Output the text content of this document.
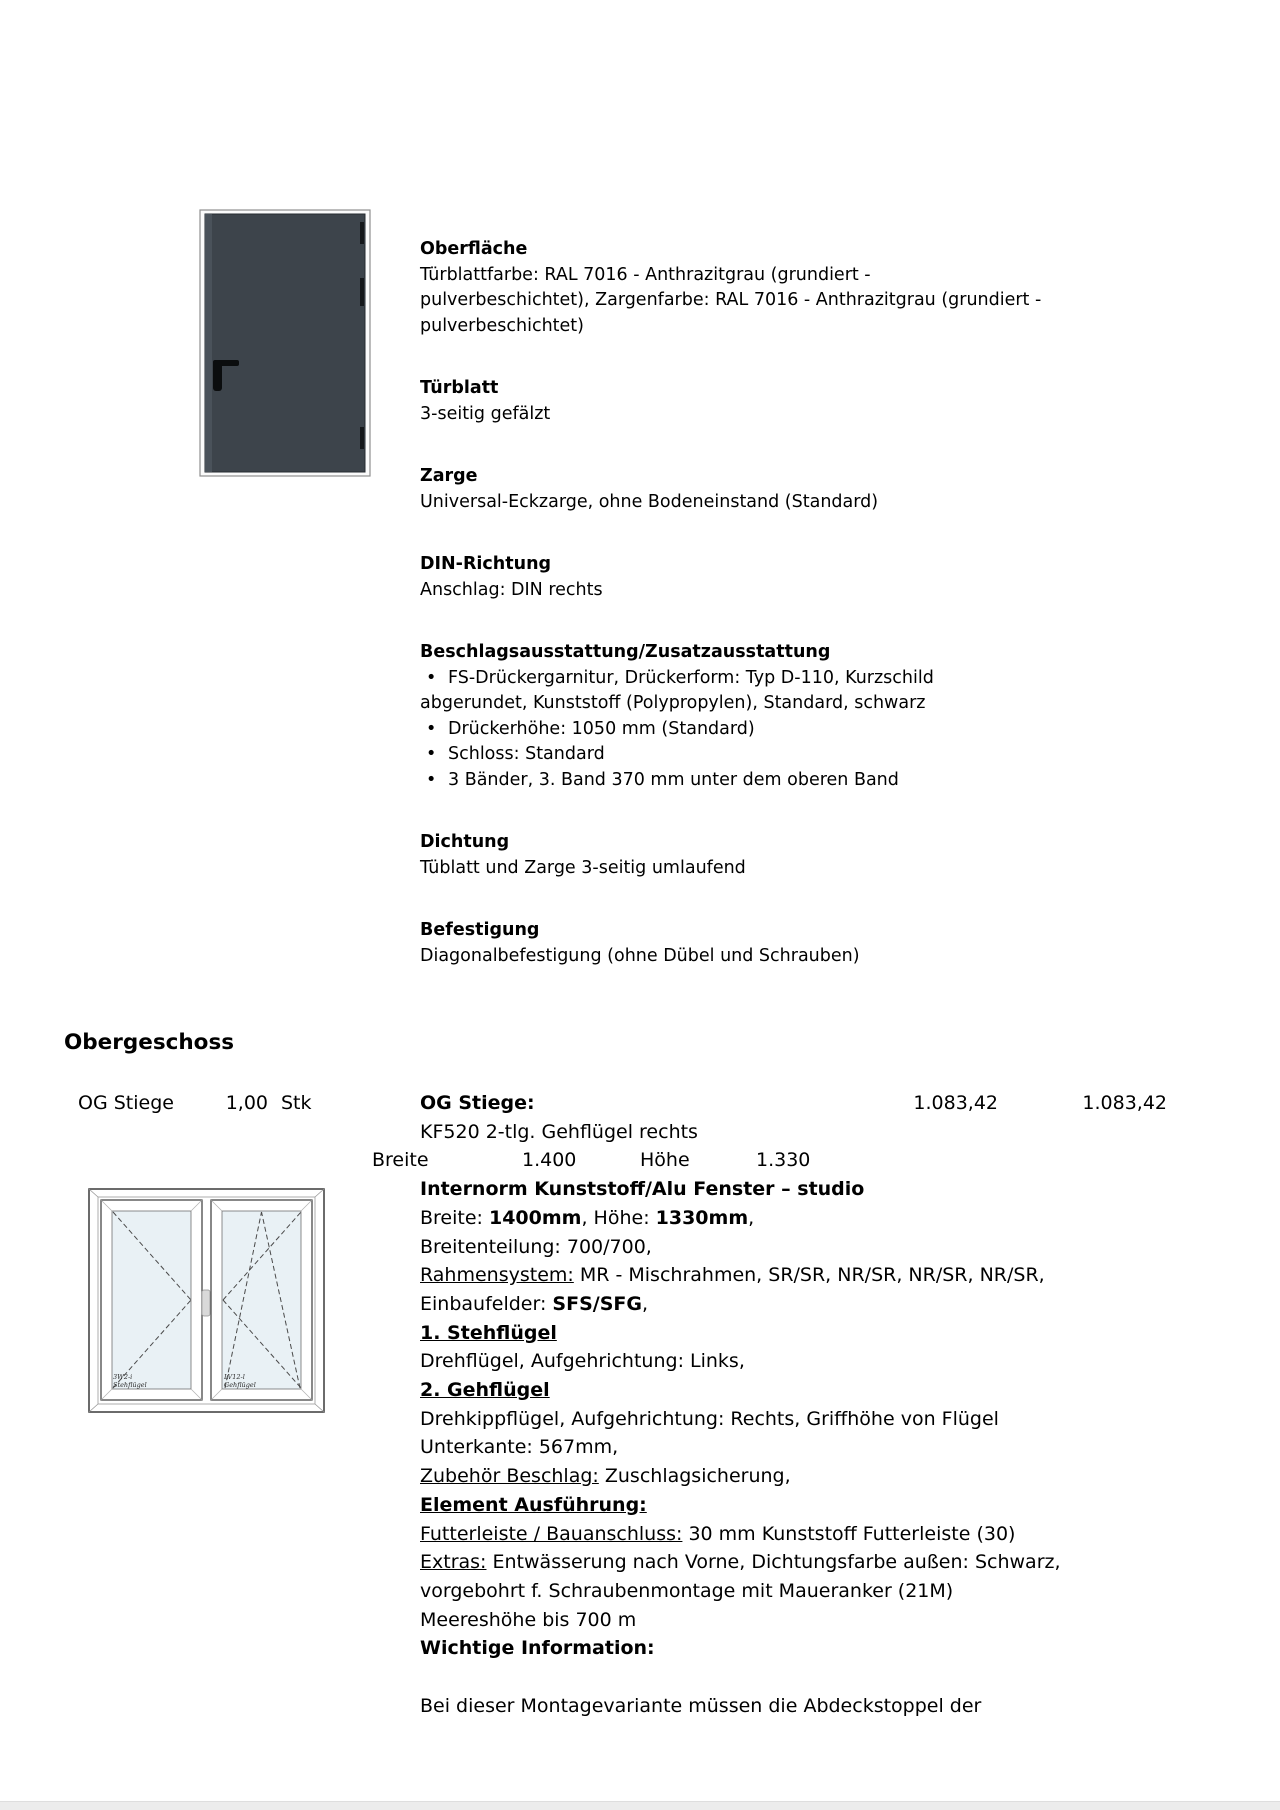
Oberfläche
Türblattfarbe: RAL 7016 - Anthrazitgrau (grundiert -
pulverbeschichtet), Zargenfarbe: RAL 7016 - Anthrazitgrau (grundiert -
pulverbeschichtet)
Türblatt
3-seitig gefälzt
Zarge
Universal-Eckzarge, ohne Bodeneinstand (Standard)
DIN-Richtung
Anschlag: DIN rechts
Beschlagsausstattung/Zusatzausstattung
• FS-Drückergarnitur, Drückerform: Typ D-110, Kurzschild
abgerundet, Kunststoff (Polypropylen), Standard, schwarz
• Drückerhöhe: 1050 mm (Standard)
• Schloss: Standard
• 3 Bänder, 3. Band 370 mm unter dem oberen Band
Dichtung
Tüblatt und Zarge 3-seitig umlaufend
Befestigung
Diagonalbefestigung (ohne Dübel und Schrauben)
Obergeschoss
OG Stiege	1,00 Stk
3W2-i
Stehflügel
LV12-l
Gehflügel
OG Stiege:	1.083,42	1.083,42
KF520 2-tlg. Gehflügel rechts
Breite	1.400	Höhe	1.330
Internorm Kunststoff/Alu Fenster – studio
Breite: 1400mm, Höhe: 1330mm,
Breitenteilung: 700/700,
Rahmensystem: MR - Mischrahmen, SR/SR, NR/SR, NR/SR, NR/SR,
Einbaufelder: SFS/SFG,
1. Stehflügel
Drehflügel, Aufgehrichtung: Links,
2. Gehflügel
Drehkippflügel, Aufgehrichtung: Rechts, Griffhöhe von Flügel
Unterkante: 567mm,
Zubehör Beschlag: Zuschlagsicherung,
Element Ausführung:
Futterleiste / Bauanschluss: 30 mm Kunststoff Futterleiste (30)
Extras: Entwässerung nach Vorne, Dichtungsfarbe außen: Schwarz,
vorgebohrt f. Schraubenmontage mit Maueranker (21M)
Meereshöhe bis 700 m
Wichtige Information:
Bei dieser Montagevariante müssen die Abdeckstoppel der
